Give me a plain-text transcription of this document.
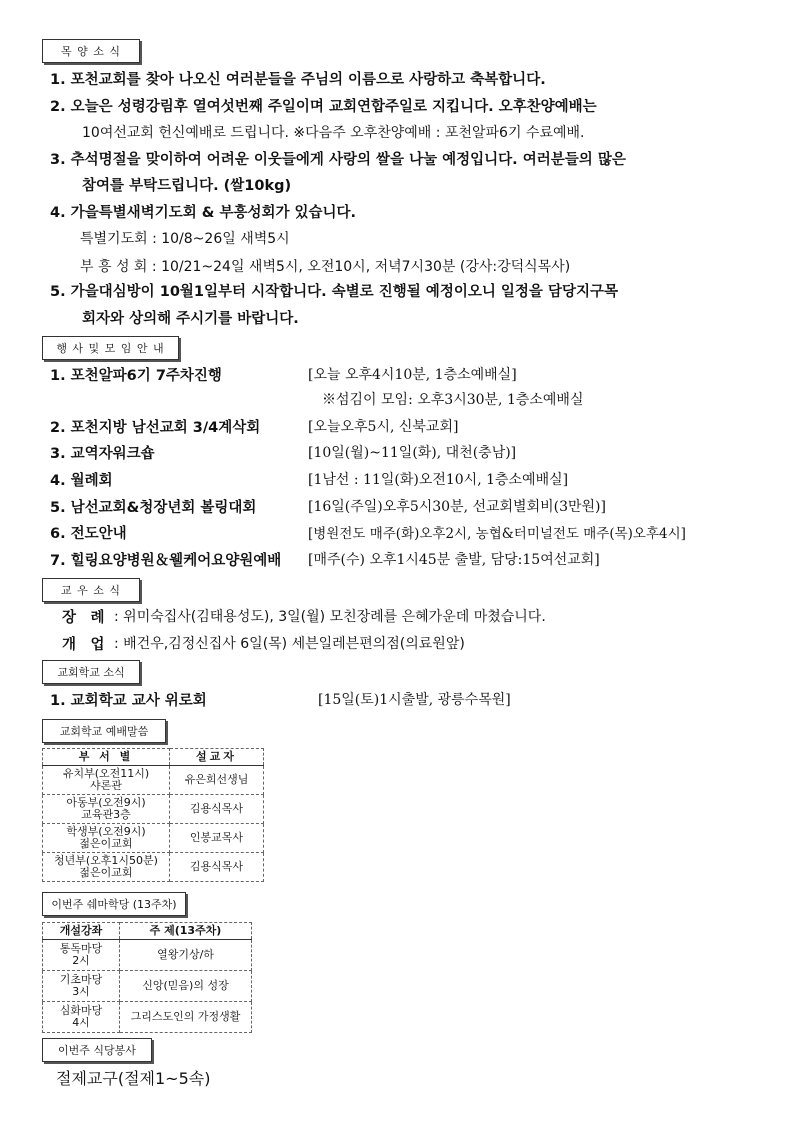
목 양 소 식
1. 포천교회를 찾아 나오신 여러분들을 주님의 이름으로 사랑하고 축복합니다.
2. 오늘은 성령강림후 열여섯번째 주일이며 교회연합주일로 지킵니다. 오후찬양예배는
10여선교회 헌신예배로 드립니다. ※다음주 오후찬양예배 : 포천알파6기 수료예배.
3. 추석명절을 맞이하여 어려운 이웃들에게 사랑의 쌀을 나눌 예정입니다. 여러분들의 많은
참여를 부탁드립니다. (쌀10kg)
4. 가을특별새벽기도회 & 부흥성회가 있습니다.
특별기도회 : 10/8~26일 새벽5시
부 흥 성 회 : 10/21~24일 새벽5시, 오전10시, 저녁7시30분 (강사:강덕식목사)
5. 가을대심방이 10월1일부터 시작합니다. 속별로 진행될 예정이오니 일정을 담당지구목
회자와 상의해 주시기를 바랍니다.
행 사 및 모 임 안 내
1. 포천알파6기 7주차진행	[오늘 오후4시10분, 1층소예배실]
※섬김이 모임: 오후3시30분, 1층소예배실
2. 포천지방 남선교회 3/4계삭회	[오늘오후5시, 신북교회]
3. 교역자워크숍	[10일(월)~11일(화), 대천(충남)]
4. 월례회	[1남선 : 11일(화)오전10시, 1층소예배실]
5. 남선교회&청장년회 볼링대회	[16일(주일)오후5시30분, 선교회별회비(3만원)]
6. 전도안내	[병원전도 매주(화)오후2시, 농협&터미널전도 매주(목)오후4시]
7. 힐링요양병원＆웰케어요양원예배 [매주(수) 오후1시45분 출발, 담당:15여선교회]
교 우 소 식
장　례 : 위미숙집사(김태용성도), 3일(월) 모친장례를 은혜가운데 마쳤습니다.
개　업 : 배건우,김정신집사 6일(목) 세븐일레븐편의점(의료원앞)
교회학교 소식
1. 교회학교 교사 위로회	[15일(토)1시출발, 광릉수목원]
교회학교 예배말씀
부 서 별	설교자

유치부(오전11시)
샤론관	유은희선생님

아동부(오전9시)
교육관3층	김용식목사

학생부(오전9시)
젊은이교회	인봉교목사

청년부(오후1시50분)
젊은이교회	김용식목사
이번주 쉐마학당 (13주차)
개설강좌	주 제(13주차)

통독마당
2시	열왕기상/하

기초마당
3시	신앙(믿음)의 성장

심화마당
4시	그리스도인의 가정생활
이번주 식당봉사
절제교구(절제1~5속)
